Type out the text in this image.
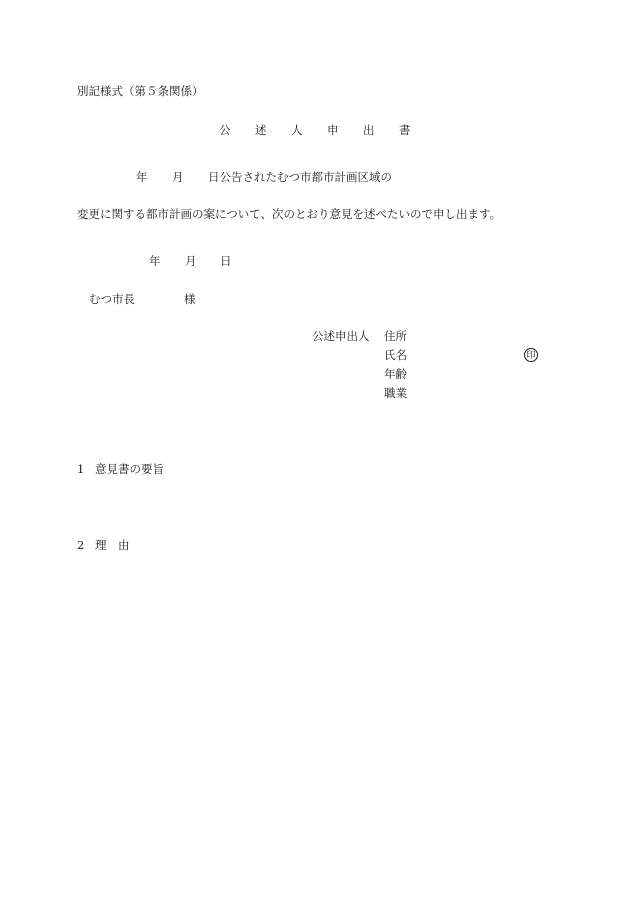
別記様式（第５条関係）
公 述 人 申 出 書
年 月 日公告されたむつ市都市計画区域の
変更に関する都市計画の案について、次のとおり意見を述べたいので申し出ます。
年 月 日
むつ市長	様
公述申出人 住所
氏名
年齢
職業
印
1 意見書の要旨
2 理　由
